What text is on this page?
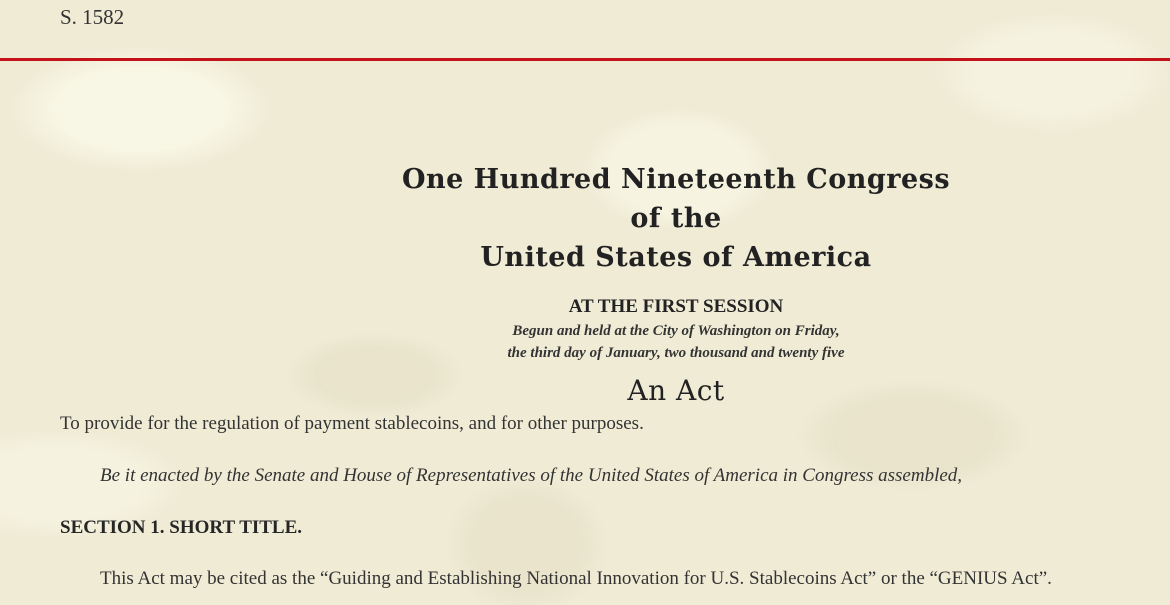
S. 1582
One Hundred Nineteenth Congress
of the
United States of America
AT THE FIRST SESSION
Begun and held at the City of Washington on Friday,
the third day of January, two thousand and twenty five
An Act
To provide for the regulation of payment stablecoins, and for other purposes.
Be it enacted by the Senate and House of Representatives of the United States of America in Congress assembled,
SECTION 1. SHORT TITLE.
This Act may be cited as the “Guiding and Establishing National Innovation for U.S. Stablecoins Act” or the “GENIUS Act”.
